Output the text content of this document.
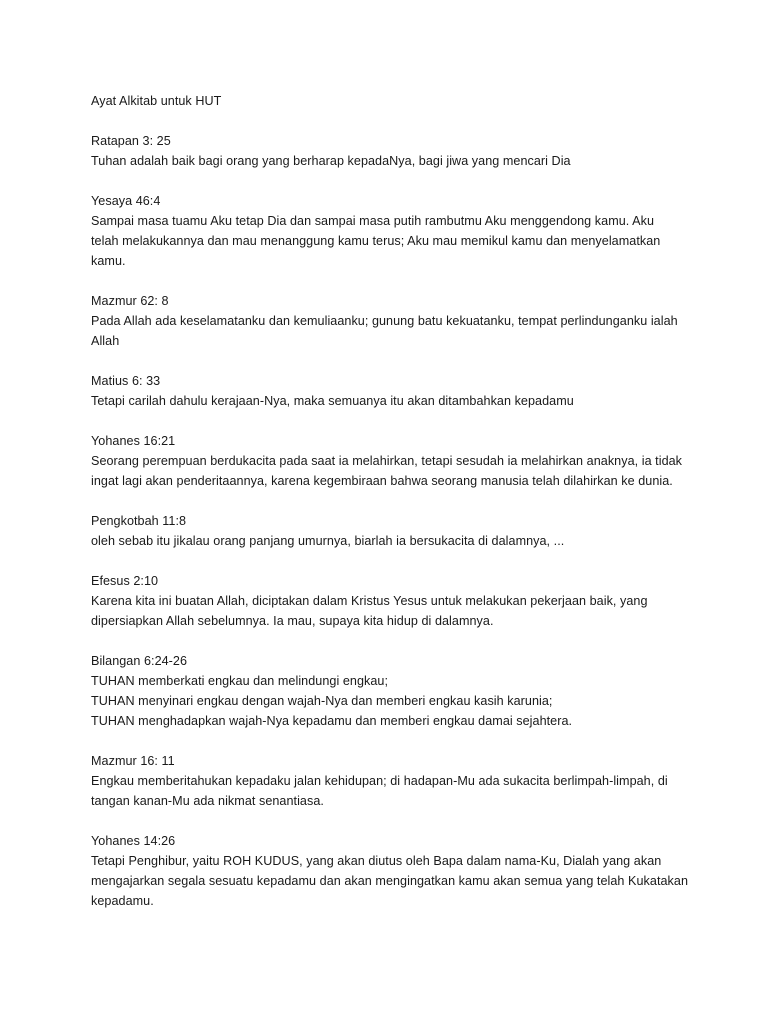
Ayat Alkitab untuk HUT
Ratapan 3: 25
Tuhan adalah baik bagi orang yang berharap kepadaNya, bagi jiwa yang mencari Dia
Yesaya 46:4
Sampai masa tuamu Aku tetap Dia dan sampai masa putih rambutmu Aku menggendong kamu. Aku
telah melakukannya dan mau menanggung kamu terus; Aku mau memikul kamu dan menyelamatkan
kamu.
Mazmur 62: 8
Pada Allah ada keselamatanku dan kemuliaanku; gunung batu kekuatanku, tempat perlindunganku ialah
Allah
Matius 6: 33
Tetapi carilah dahulu kerajaan-Nya, maka semuanya itu akan ditambahkan kepadamu
Yohanes 16:21
Seorang perempuan berdukacita pada saat ia melahirkan, tetapi sesudah ia melahirkan anaknya, ia tidak
ingat lagi akan penderitaannya, karena kegembiraan bahwa seorang manusia telah dilahirkan ke dunia.
Pengkotbah 11:8
oleh sebab itu jikalau orang panjang umurnya, biarlah ia bersukacita di dalamnya, ...
Efesus 2:10
Karena kita ini buatan Allah, diciptakan dalam Kristus Yesus untuk melakukan pekerjaan baik, yang
dipersiapkan Allah sebelumnya. Ia mau, supaya kita hidup di dalamnya.
Bilangan 6:24-26
TUHAN memberkati engkau dan melindungi engkau;
TUHAN menyinari engkau dengan wajah-Nya dan memberi engkau kasih karunia;
TUHAN menghadapkan wajah-Nya kepadamu dan memberi engkau damai sejahtera.
Mazmur 16: 11
Engkau memberitahukan kepadaku jalan kehidupan; di hadapan-Mu ada sukacita berlimpah-limpah, di
tangan kanan-Mu ada nikmat senantiasa.
Yohanes 14:26
Tetapi Penghibur, yaitu ROH KUDUS, yang akan diutus oleh Bapa dalam nama-Ku, Dialah yang akan
mengajarkan segala sesuatu kepadamu dan akan mengingatkan kamu akan semua yang telah Kukatakan
kepadamu.
